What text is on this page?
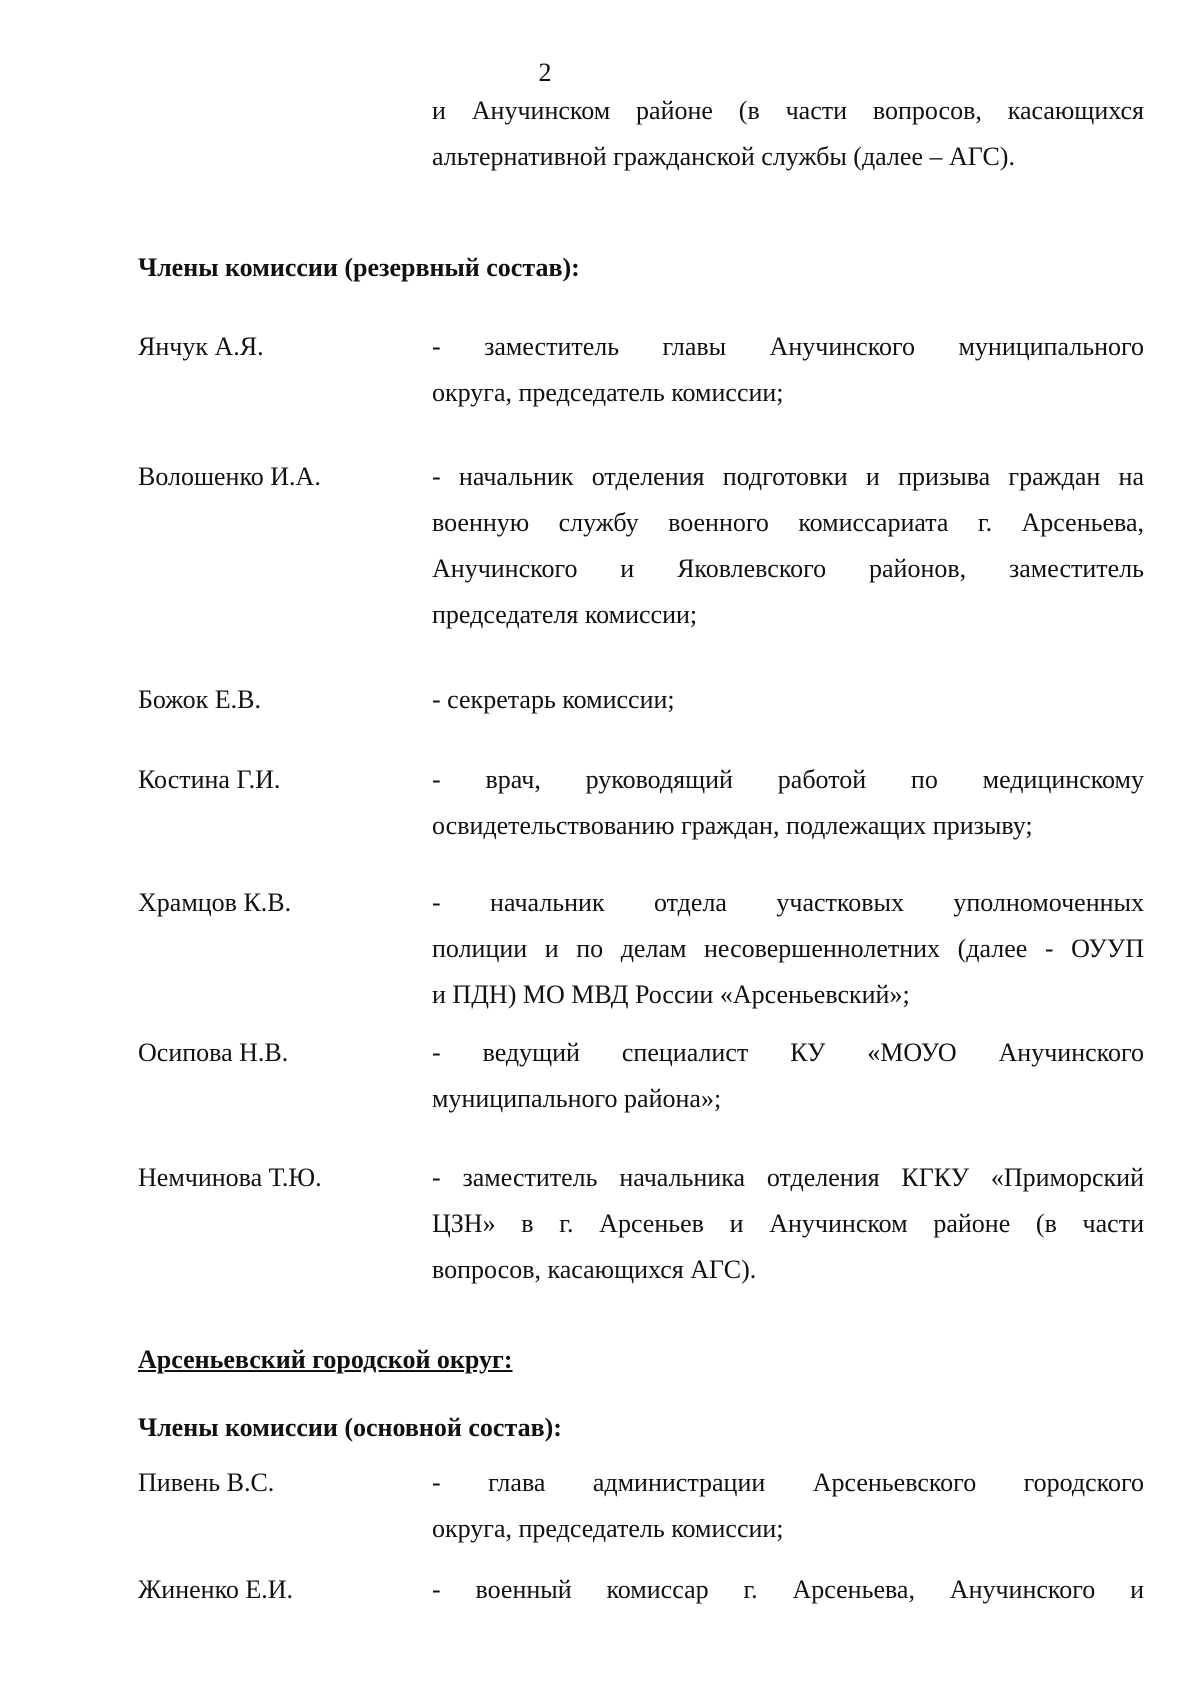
2
и Анучинском районе (в части вопросов, касающихся
альтернативной гражданской службы (далее – АГС).
Члены комиссии (резервный состав):
Янчук А.Я.	- заместитель главы Анучинского муниципального
округа, председатель комиссии;
Волошенко И.А.	- начальник отделения подготовки и призыва граждан на
военную службу военного комиссариата г. Арсеньева,
Анучинского и Яковлевского районов, заместитель
председателя комиссии;
Божок Е.В.	- секретарь комиссии;
Костина Г.И.	- врач, руководящий работой по медицинскому
освидетельствованию граждан, подлежащих призыву;
Храмцов К.В.	- начальник отдела участковых уполномоченных
полиции и по делам несовершеннолетних (далее - ОУУП
и ПДН) МО МВД России «Арсеньевский»;
Осипова Н.В.	- ведущий специалист КУ «МОУО Анучинского
муниципального района»;
Немчинова Т.Ю.	- заместитель начальника отделения КГКУ «Приморский
ЦЗН» в г. Арсеньев и Анучинском районе (в части
вопросов, касающихся АГС).
Арсеньевский городской округ:
Члены комиссии (основной состав):
Пивень В.С.	- глава администрации Арсеньевского городского
округа, председатель комиссии;
Жиненко Е.И.	- военный комиссар г. Арсеньева, Анучинского и
